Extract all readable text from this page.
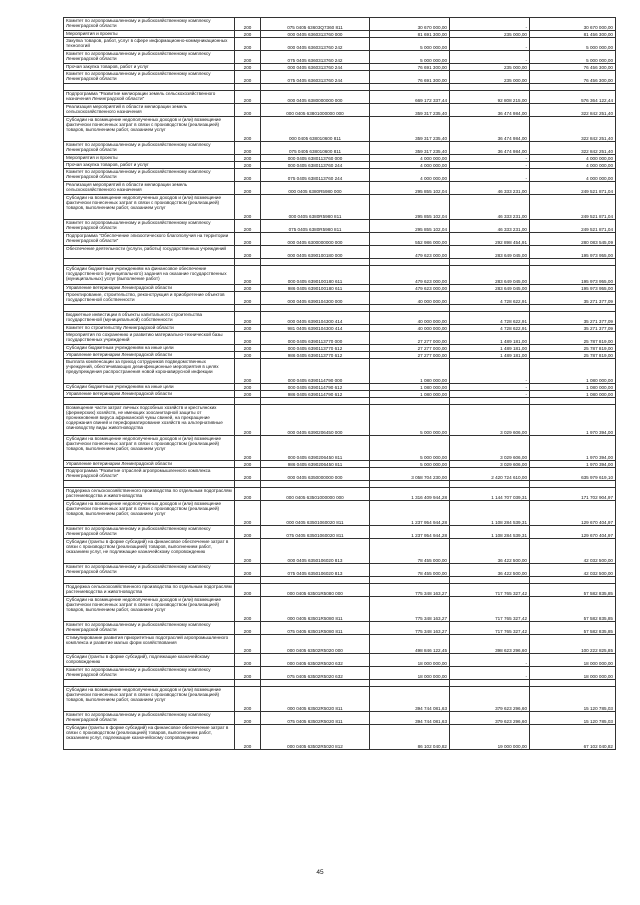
Комитет по агропромышленному и рыбохозяйственному комплексу Ленинградской области	200	075 0405 63603Q7360 811	30 670 000,00	-	30 670 000,00
Мероприятия и проекты	200	000 0405 6360313760 000	81 691 300,00	235 000,00	81 456 300,00
Закупка товаров, работ, услуг в сфере информационно-коммуникационных технологий	200	000 0405 6360313760 242	5 000 000,00	-	5 000 000,00
Комитет по агропромышленному и рыбохозяйственному комплексу Ленинградской области	200	075 0405 6360313760 242	5 000 000,00	-	5 000 000,00
Прочая закупка товаров, работ и услуг	200	000 0405 6360313760 244	76 691 300,00	235 000,00	76 456 300,00
Комитет по агропромышленному и рыбохозяйственному комплексу Ленинградской области	200	075 0405 6360313760 244	76 691 300,00	235 000,00	76 456 300,00

Подпрограмма "Развитие мелиорации земель сельскохозяйственного назначения Ленинградской области"	200	000 0405 6380000000 000	669 172 337,44	92 808 215,00	576 364 122,44
Реализация мероприятий в области мелиорации земель сельскохозяйственного назначения	200	000 0405 63801000000 000	359 317 235,40	36 474 984,00	322 842 251,40
Субсидии на возмещение недополученных доходов и (или) возмещение фактически понесенных затрат в связи с производством (реализацией) товаров, выполнением работ, оказанием услуг	200	000 0405 638010600 811	359 317 235,40	36 474 984,00	322 842 251,40
Комитет по агропромышленному и рыбохозяйственному комплексу Ленинградской области	200	075 0405 638010600 811	359 317 235,40	36 474 984,00	322 842 251,40
Мероприятия и проекты	200	000 0405 6380113760 000	4 000 000,00	-	4 000 000,00
Прочая закупка товаров, работ и услуг	200	000 0405 6380113760 244	4 000 000,00	-	4 000 000,00
Комитет по агропромышленному и рыбохозяйственному комплексу Ленинградской области	200	075 0405 6380113760 244	4 000 000,00	-	4 000 000,00
Реализация мероприятий в области мелиорации земель сельскохозяйственного назначения	200	000 0405 6380R5980 000	295 855 102,04	46 333 231,00	249 521 871,04
Субсидии на возмещение недополученных доходов и (или) возмещение фактически понесенных затрат в связи с производством (реализацией) товаров, выполнением работ, оказанием услуг	200	000 0405 6380R5980 811	295 855 102,04	46 333 231,00	249 521 871,04
Комитет по агропромышленному и рыбохозяйственному комплексу Ленинградской области	200	075 0405 6380R5980 811	295 855 102,04	46 333 231,00	249 521 871,04
Подпрограмма "Обеспечение эпизоотического благополучия на территории Ленинградской области"	200	000 0405 6300000000 000	552 986 000,00	292 898 454,91	280 083 545,09
Обеспечение деятельности (услуги, работы) государственных учреждений	200	000 0405 6390100180 000	479 623 000,00	283 649 045,00	195 973 955,00

Субсидии бюджетным учреждениям на финансовое обеспечение государственного (муниципального) задания на оказание государственных (муниципальных) услуг (выполнение работ)	200	000 0405 6390100180 611	479 623 000,00	283 649 045,00	195 973 955,00
Управление ветеринарии Ленинградской области	200	986 0405 6390100180 611	479 623 000,00	283 649 045,00	195 973 955,00
Проектирование, строительство, реконструкция и приобретение объектов государственной собственности	200	000 0405 6390104300 000	40 000 000,00	4 728 622,91	35 271 377,09

Бюджетные инвестиции в объекты капитального строительства государственной (муниципальной) собственности	200	000 0405 6390104300 414	40 000 000,00	4 728 622,91	35 271 377,09
Комитет по строительству Ленинградской области	200	981 0405 6390104300 414	40 000 000,00	4 728 622,91	35 271 377,09
Мероприятия по сохранению и развитию материально-технической базы государственных учреждений	200	000 0405 6390113770 000	27 277 000,00	1 489 181,00	25 787 819,00
Субсидии бюджетным учреждениям на иные цели	200	000 0405 6390113770 612	27 277 000,00	1 489 181,00	25 787 819,00
Управление ветеринарии Ленинградской области	200	986 0405 6390113770 612	27 277 000,00	1 489 181,00	25 787 819,00
Выплата компенсации за приход сотрудников подведомственных учреждений, обеспечивающих дезинфекционные мероприятия в целях предупреждения распространения новой коронавирусной инфекции	200	000 0405 6390114790 000	1 080 000,00	-	1 080 000,00
Субсидии бюджетным учреждениям на иные цели	200	000 0405 6390114790 612	1 080 000,00	-	1 080 000,00
Управление ветеринарии Ленинградской области	200	986 0405 6390114790 612	1 080 000,00	-	1 080 000,00

Возмещение части затрат личных подсобных хозяйств и крестьянских (фермерских) хозяйств, не имеющих зоосанитарной защиты от проникновения вируса африканской чумы свиней, на прекращение содержания свиней и переформатирование хозяйств на альтернативные свиноводству виды животноводства	200	000 0405 6390206450 000	5 000 000,00	3 029 606,00	1 970 394,00
Субсидии на возмещение недополученных доходов и (или) возмещение фактически понесенных затрат в связи с производством (реализацией) товаров, выполнением работ, оказанием услуг	200	000 0405 6390206450 811	5 000 000,00	3 029 606,00	1 970 394,00
Управление ветеринарии Ленинградской области	200	986 0405 6390206450 811	5 000 000,00	3 029 606,00	1 970 394,00
Подпрограмма "Развитие отраслей агропромышленного комплекса Ленинградской области"	200	000 0405 6350000000 000	3 058 704 230,00	2 420 724 610,00	635 979 619,10

Поддержка сельскохозяйственного производства по отдельным подотраслям растениеводства и животноводства	200	000 0405 63501000000 000	1 316 409 944,28	1 144 707 039,31	171 702 904,97
Субсидии на возмещение недополученных доходов и (или) возмещение фактически понесенных затрат в связи с производством (реализацией) товаров, выполнением работ, оказанием услуг	200	000 0405 63501060020 811	1 237 954 944,28	1 108 284 539,31	129 670 404,97
Комитет по агропромышленному и рыбохозяйственному комплексу Ленинградской области	200	075 0405 63501060020 811	1 237 954 944,28	1 108 284 539,31	129 670 404,97
Субсидии (гранты в форме субсидий) на финансовое обеспечение затрат в связи с производством (реализацией) товаров, выполнением работ, оказанием услуг, не подлежащие казначейскому сопровождению	200	000 0405 6350106020 813	78 455 000,00	36 422 500,00	42 032 500,00
Комитет по агропромышленному и рыбохозяйственному комплексу Ленинградской области	200	075 0405 6350106020 813	78 455 000,00	36 422 500,00	42 032 500,00

Поддержка сельскохозяйственного производства по отдельным подотраслям растениеводства и животноводства	200	000 0405 63501R5080 000	775 348 163,27	717 765 327,42	57 582 835,85
Субсидии на возмещение недополученных доходов и (или) возмещение фактически понесенных затрат в связи с производством (реализацией) товаров, выполнением работ, оказанием услуг	200	000 0405 63501R5080 811	775 348 163,27	717 765 327,42	57 582 835,85
Комитет по агропромышленному и рыбохозяйственному комплексу Ленинградской области	200	075 0405 63501R5080 811	775 348 163,27	717 765 327,42	57 582 835,85
Стимулирование развития приоритетных подотраслей агропромышленного комплекса и развитие малых форм хозяйствования	200	000 0405 63502R5020 000	498 846 122,45	398 623 296,60	100 222 825,85
Субсидии (гранты в форме субсидий), подлежащие казначейскому сопровождению	200	000 0405 63502R5020 632	18 000 000,00	-	18 000 000,00
Комитет по агропромышленному и рыбохозяйственному комплексу Ленинградской области	200	075 0405 63502R5020 632	18 000 000,00	-	18 000 000,00

Субсидии на возмещение недополученных доходов и (или) возмещение фактически понесенных затрат в связи с производством (реализацией) товаров, выполнением работ, оказанием услуг	200	000 0405 63502R5020 811	394 744 081,63	379 623 296,60	15 120 785,03
Комитет по агропромышленному и рыбохозяйственному комплексу Ленинградской области	200	075 0405 63502R5020 811	394 744 081,63	379 623 296,60	15 120 785,03
Субсидии (гранты в форме субсидий) на финансовое обеспечение затрат в связи с производством (реализацией) товаров, выполнением работ, оказанием услуг, подлежащие казначейскому сопровождению	200	000 0405 63502R5020 812	86 102 040,82	19 000 000,00	67 102 040,82
45
